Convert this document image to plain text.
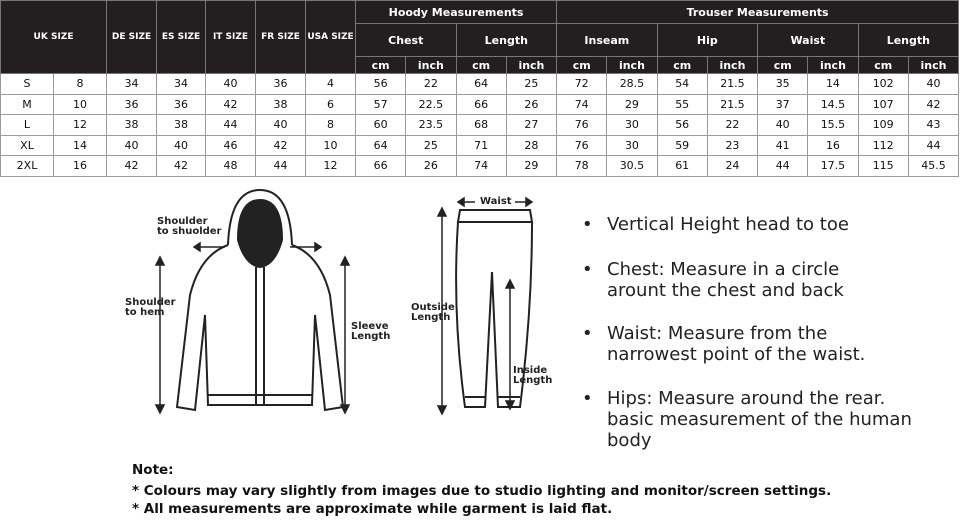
UK SIZE		DE SIZE	ES SIZE	IT SIZE	FR SIZE	USA SIZE	Hoody Measurements				Trouser Measurements							
							Chest		Length		Inseam		Hip		Waist		Length	
							cm	inch	cm	inch	cm	inch	cm	inch	cm	inch	cm	inch
S	8	34	34	40	36	4	56	22	64	25	72	28.5	54	21.5	35	14	102	40
M	10	36	36	42	38	6	57	22.5	66	26	74	29	55	21.5	37	14.5	107	42
L	12	38	38	44	40	8	60	23.5	68	27	76	30	56	22	40	15.5	109	43
XL	14	40	40	46	42	10	64	25	71	28	76	30	59	23	41	16	112	44
2XL	16	42	42	48	44	12	66	26	74	29	78	30.5	61	24	44	17.5	115	45.5
Shoulder
to shuolder
Shoulder
to hem
Sleeve
Length
Waist
Outside
Length
Inside
Length
• Vertical Height head to toe
• Chest: Measure in a circle arount the chest and back
• Waist: Measure from the narrowest point of the waist.
• Hips: Measure around the rear. basic measurement of the human body
Note:
* Colours may vary slightly from images due to studio lighting and monitor/screen settings.
* All measurements are approximate while garment is laid flat.
